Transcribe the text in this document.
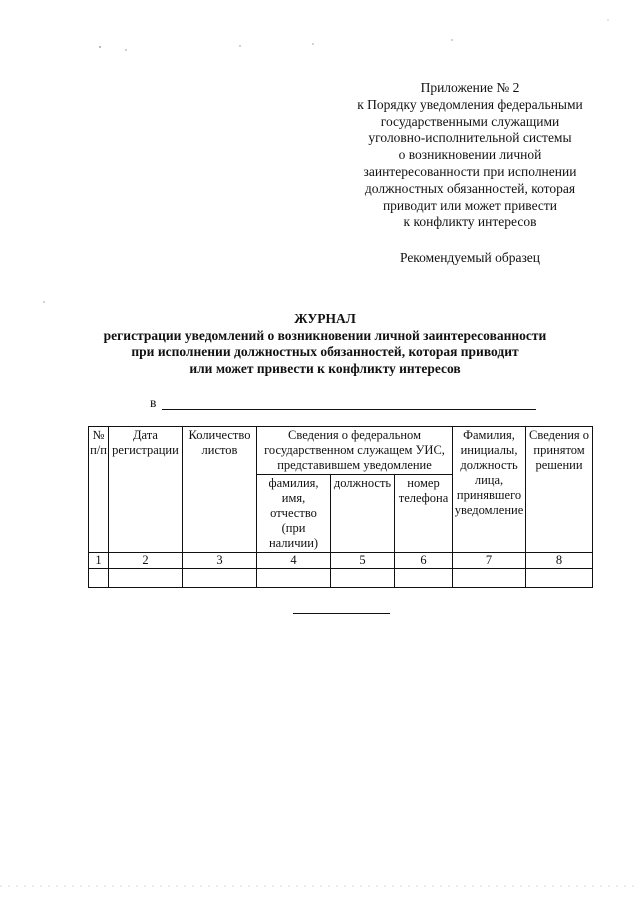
Приложение № 2
к Порядку уведомления федеральными
государственными служащими
уголовно-исполнительной системы
о возникновении личной
заинтересованности при исполнении
должностных обязанностей, которая
приводит или может привести
к конфликту интересов
Рекомендуемый образец
ЖУРНАЛ
регистрации уведомлений о возникновении личной заинтересованности
при исполнении должностных обязанностей, которая приводит
или может привести к конфликту интересов
в
№ п/п	Дата регистрации	Количество листов	Сведения о федеральном государственном служащем УИС, представившем уведомление			Фамилия, инициалы, должность лица, принявшего уведомление	Сведения о принятом решении
			фамилия, имя, отчество (при наличии)	должность	номер телефона		
1	2	3	4	5	6	7	8
